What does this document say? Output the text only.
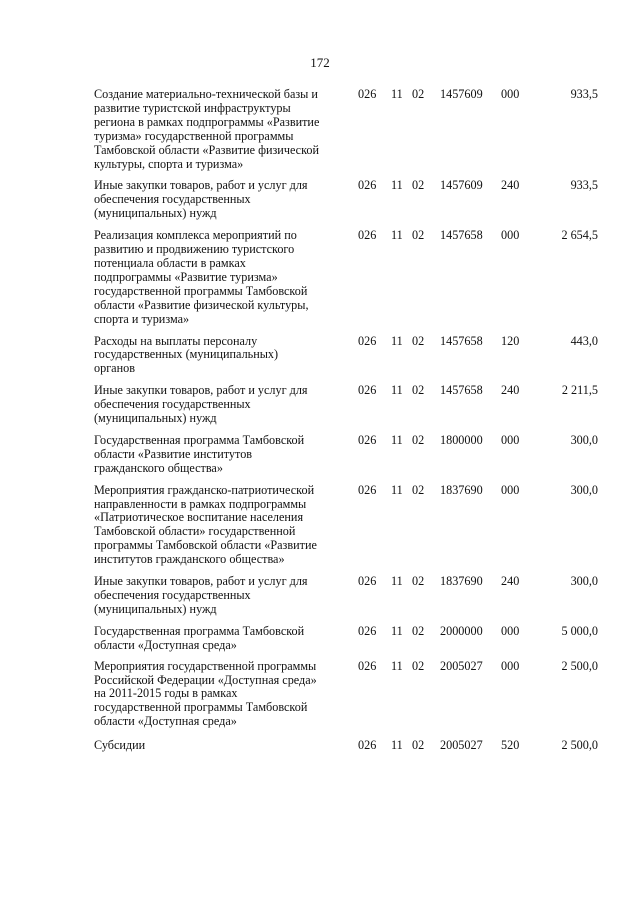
172
Создание материально-технической базы и
развитие туристской инфраструктуры
региона в рамках подпрограммы «Развитие
туризма» государственной программы
Тамбовской области «Развитие физической
культуры, спорта и туризма»
026 11 02 1457609 000	933,5
Иные закупки товаров, работ и услуг для
обеспечения государственных
(муниципальных) нужд
026 11 02 1457609 240	933,5
Реализация комплекса мероприятий по
развитию и продвижению туристского
потенциала области в рамках
подпрограммы «Развитие туризма»
государственной программы Тамбовской
области «Развитие физической культуры,
спорта и туризма»
026 11 02 1457658 000	2 654,5
Расходы на выплаты персоналу
государственных (муниципальных)
органов
026 11 02 1457658 120	443,0
Иные закупки товаров, работ и услуг для
обеспечения государственных
(муниципальных) нужд
026 11 02 1457658 240	2 211,5
Государственная программа Тамбовской
области «Развитие институтов
гражданского общества»
026 11 02 1800000 000	300,0
Мероприятия гражданско-патриотической
направленности в рамках подпрограммы
«Патриотическое воспитание населения
Тамбовской области» государственной
программы Тамбовской области «Развитие
институтов гражданского общества»
026 11 02 1837690 000	300,0
Иные закупки товаров, работ и услуг для
обеспечения государственных
(муниципальных) нужд
026 11 02 1837690 240	300,0
Государственная программа Тамбовской
области «Доступная среда»
026 11 02 2000000 000	5 000,0
Мероприятия государственной программы
Российской Федерации «Доступная среда»
на 2011-2015 годы в рамках
государственной программы Тамбовской
области «Доступная среда»
026 11 02 2005027 000	2 500,0
Субсидии	026 11 02 2005027 520	2 500,0
